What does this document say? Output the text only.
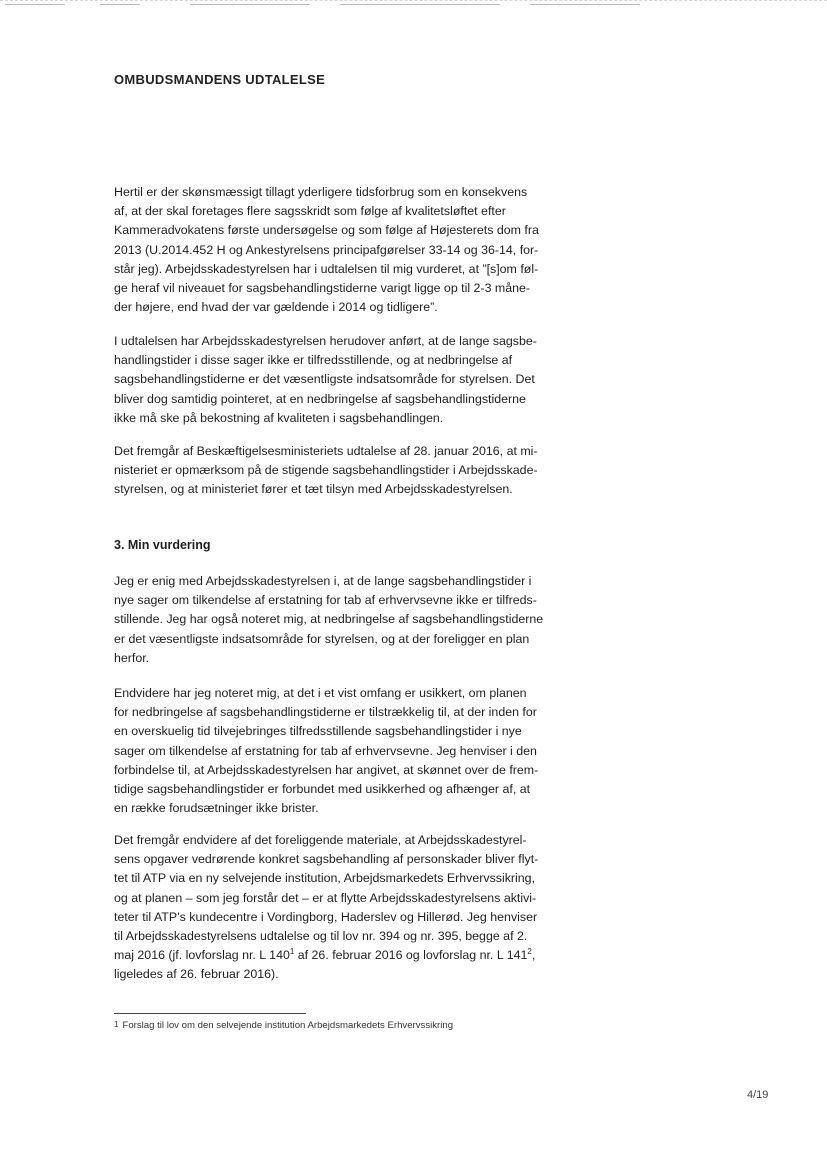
OMBUDSMANDENS UDTALELSE

Hertil er der skønsmæssigt tillagt yderligere tidsforbrug som en konsekvens

af, at der skal foretages flere sagsskridt som følge af kvalitetsløftet efter

Kammeradvokatens første undersøgelse og som følge af Højesterets dom fra

2013 (U.2014.452 H og Ankestyrelsens principafgørelser 33-14 og 36-14, for-

står jeg). Arbejdsskadestyrelsen har i udtalelsen til mig vurderet, at ”[s]om føl-

ge heraf vil niveauet for sagsbehandlingstiderne varigt ligge op til 2-3 måne-

der højere, end hvad der var gældende i 2014 og tidligere”.

I udtalelsen har Arbejdsskadestyrelsen herudover anført, at de lange sagsbe-

handlingstider i disse sager ikke er tilfredsstillende, og at nedbringelse af

sagsbehandlingstiderne er det væsentligste indsatsområde for styrelsen. Det

bliver dog samtidig pointeret, at en nedbringelse af sagsbehandlingstiderne

ikke må ske på bekostning af kvaliteten i sagsbehandlingen.

Det fremgår af Beskæftigelsesministeriets udtalelse af 28. januar 2016, at mi-

nisteriet er opmærksom på de stigende sagsbehandlingstider i Arbejdsskade-

styrelsen, og at ministeriet fører et tæt tilsyn med Arbejdsskadestyrelsen.

3. Min vurdering

Jeg er enig med Arbejdsskadestyrelsen i, at de lange sagsbehandlingstider i

nye sager om tilkendelse af erstatning for tab af erhvervsevne ikke er tilfreds-

stillende. Jeg har også noteret mig, at nedbringelse af sagsbehandlingstiderne

er det væsentligste indsatsområde for styrelsen, og at der foreligger en plan

herfor.

Endvidere har jeg noteret mig, at det i et vist omfang er usikkert, om planen

for nedbringelse af sagsbehandlingstiderne er tilstrækkelig til, at der inden for

en overskuelig tid tilvejebringes tilfredsstillende sagsbehandlingstider i nye

sager om tilkendelse af erstatning for tab af erhvervsevne. Jeg henviser i den

forbindelse til, at Arbejdsskadestyrelsen har angivet, at skønnet over de frem-

tidige sagsbehandlingstider er forbundet med usikkerhed og afhænger af, at

en række forudsætninger ikke brister.

Det fremgår endvidere af det foreliggende materiale, at Arbejdsskadestyrel-

sens opgaver vedrørende konkret sagsbehandling af personskader bliver flyt-

tet til ATP via en ny selvejende institution, Arbejdsmarkedets Erhvervssikring,

og at planen – som jeg forstår det – er at flytte Arbejdsskadestyrelsens aktivi-

teter til ATP’s kundecentre i Vordingborg, Haderslev og Hillerød. Jeg henviser

til Arbejdsskadestyrelsens udtalelse og til lov nr. 394 og nr. 395, begge af 2.

maj 2016 (jf. lovforslag nr. L $140^1$ af 26. februar 2016 og lovforslag nr. L $141^2$,

ligeledes af 26. februar 2016).

$^1$ Forslag til lov om den selvejende institution Arbejdsmarkedets Erhvervssikring
4/19
